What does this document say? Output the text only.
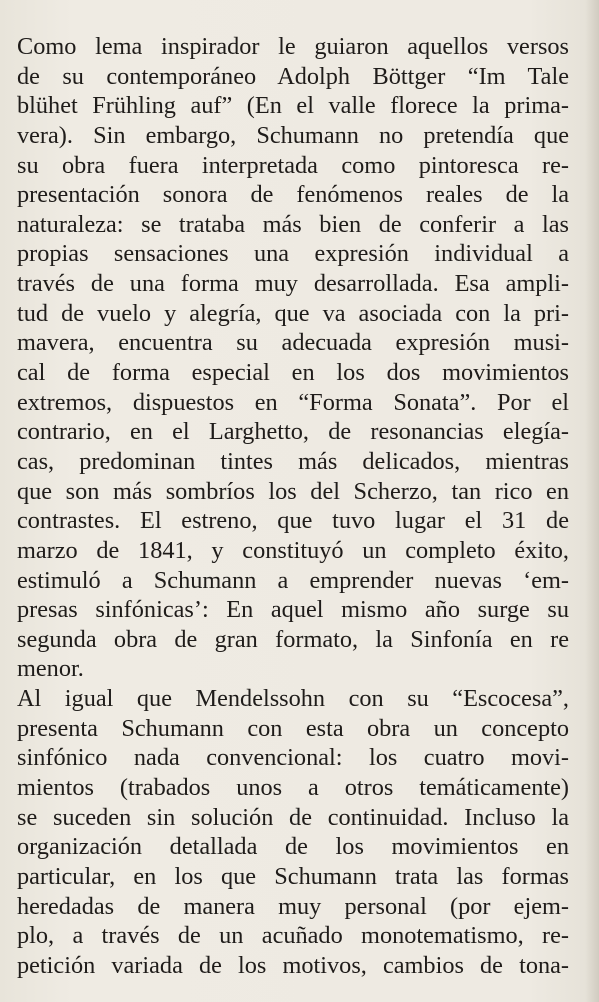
Como lema inspirador le guiaron aquellos versos
de su contemporáneo Adolph Böttger “Im Tale
blühet Frühling auf” (En el valle florece la prima-
vera). Sin embargo, Schumann no pretendía que
su obra fuera interpretada como pintoresca re-
presentación sonora de fenómenos reales de la
naturaleza: se trataba más bien de conferir a las
propias sensaciones una expresión individual a
través de una forma muy desarrollada. Esa ampli-
tud de vuelo y alegría, que va asociada con la pri-
mavera, encuentra su adecuada expresión musi-
cal de forma especial en los dos movimientos
extremos, dispuestos en “Forma Sonata”. Por el
contrario, en el Larghetto, de resonancias elegía-
cas, predominan tintes más delicados, mientras
que son más sombríos los del Scherzo, tan rico en
contrastes. El estreno, que tuvo lugar el 31 de
marzo de 1841, y constituyó un completo éxito,
estimuló a Schumann a emprender nuevas ‘em-
presas sinfónicas’: En aquel mismo año surge su
segunda obra de gran formato, la Sinfonía en re
menor.
Al igual que Mendelssohn con su “Escocesa”,
presenta Schumann con esta obra un concepto
sinfónico nada convencional: los cuatro movi-
mientos (trabados unos a otros temáticamente)
se suceden sin solución de continuidad. Incluso la
organización detallada de los movimientos en
particular, en los que Schumann trata las formas
heredadas de manera muy personal (por ejem-
plo, a través de un acuñado monotematismo, re-
petición variada de los motivos, cambios de tona-
